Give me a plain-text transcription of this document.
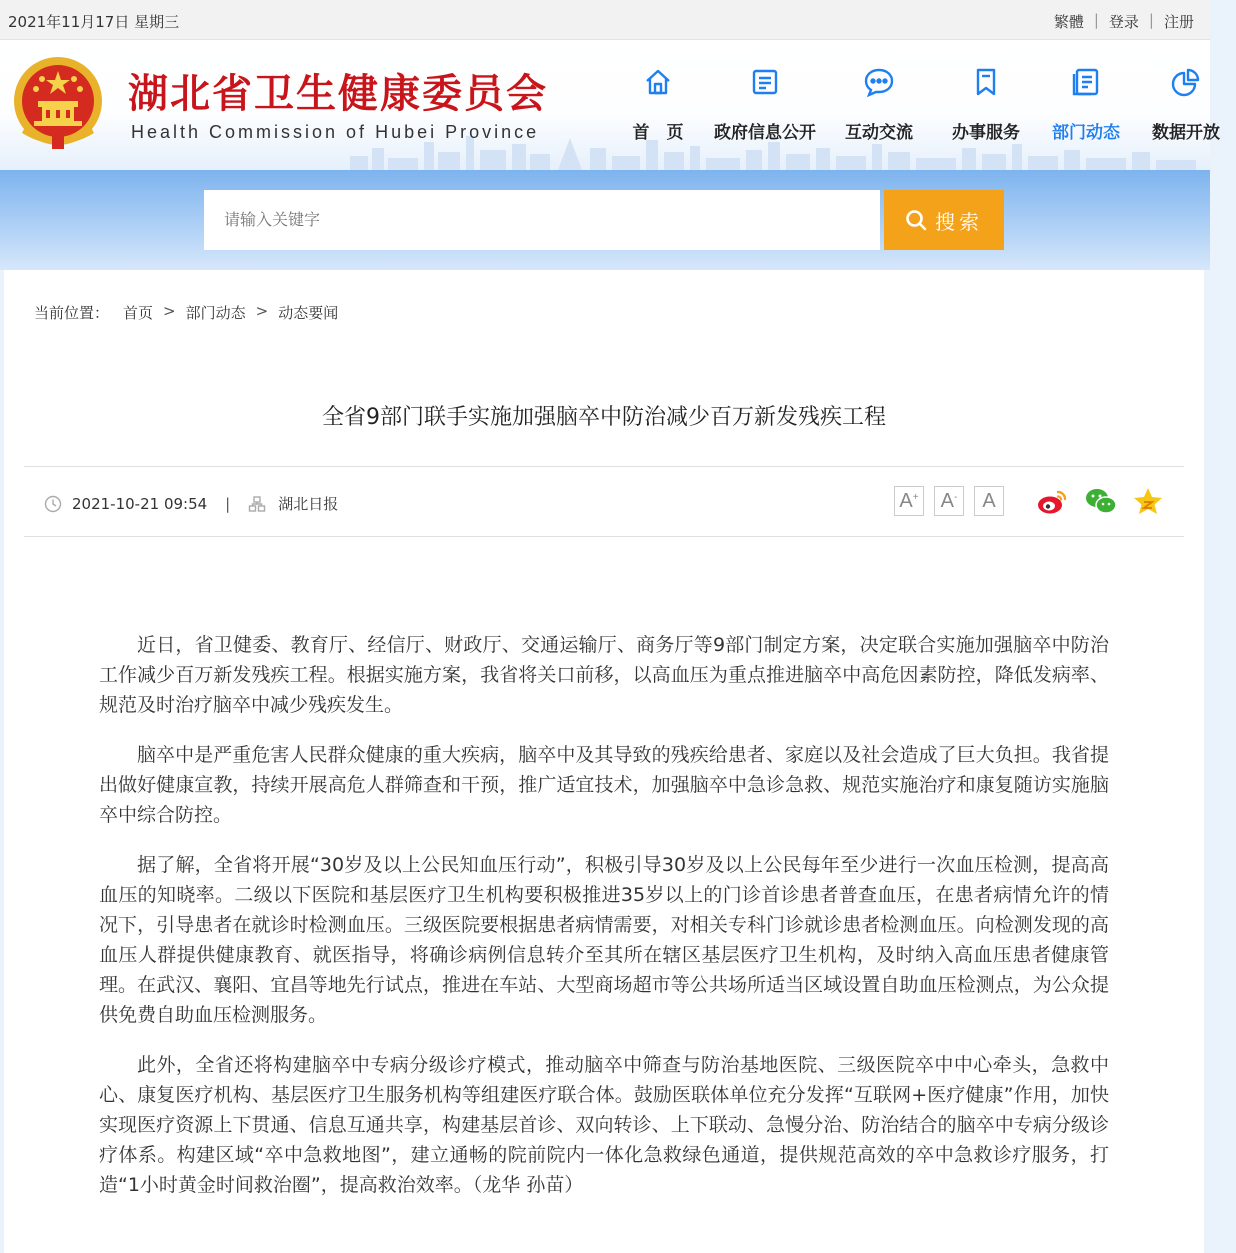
2021年11月17日 星期三	繁體 | 登录 | 注册
湖北省卫生健康委员会
Health Commission of Hubei Province	首　页	政府信息公开	互动交流	办事服务	部门动态	数据开放
请输入关键字
搜索
当前位置： 首页 > 部门动态 > 动态要闻
全省9部门联手实施加强脑卒中防治减少百万新发残疾工程
2021-10-21 09:54 |	湖北日报	A+	A-	A

近日，省卫健委、教育厅、经信厅、财政厅、交通运输厅、商务厅等9部门制定方案，决定联合实施加强脑卒中防治工作减少百万新发残疾工程。根据实施方案，我省将关口前移，以高血压为重点推进脑卒中高危因素防控，降低发病率、规范及时治疗脑卒中减少残疾发生。

脑卒中是严重危害人民群众健康的重大疾病，脑卒中及其导致的残疾给患者、家庭以及社会造成了巨大负担。我省提出做好健康宣教，持续开展高危人群筛查和干预，推广适宜技术，加强脑卒中急诊急救、规范实施治疗和康复随访实施脑卒中综合防控。

据了解，全省将开展“30岁及以上公民知血压行动”，积极引导30岁及以上公民每年至少进行一次血压检测，提高高血压的知晓率。二级以下医院和基层医疗卫生机构要积极推进35岁以上的门诊首诊患者普查血压，在患者病情允许的情况下，引导患者在就诊时检测血压。三级医院要根据患者病情需要，对相关专科门诊就诊患者检测血压。向检测发现的高血压人群提供健康教育、就医指导，将确诊病例信息转介至其所在辖区基层医疗卫生机构，及时纳入高血压患者健康管理。在武汉、襄阳、宜昌等地先行试点，推进在车站、大型商场超市等公共场所适当区域设置自助血压检测点，为公众提供免费自助血压检测服务。

此外，全省还将构建脑卒中专病分级诊疗模式，推动脑卒中筛查与防治基地医院、三级医院卒中中心牵头，急救中心、康复医疗机构、基层医疗卫生服务机构等组建医疗联合体。鼓励医联体单位充分发挥“互联网+医疗健康”作用，加快实现医疗资源上下贯通、信息互通共享，构建基层首诊、双向转诊、上下联动、急慢分治、防治结合的脑卒中专病分级诊疗体系。构建区域“卒中急救地图”，建立通畅的院前院内一体化急救绿色通道，提供规范高效的卒中急救诊疗服务，打造“1小时黄金时间救治圈”，提高救治效率。（龙华 孙苗）
